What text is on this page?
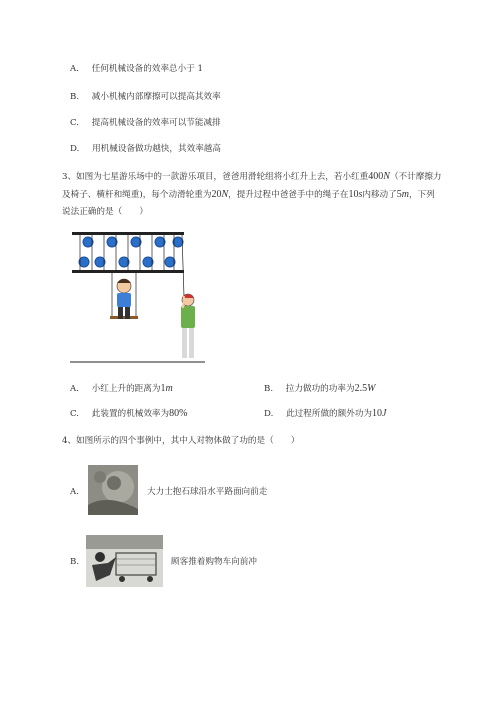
A. 任何机械设备的效率总小于 1
B. 减小机械内部摩擦可以提高其效率
C. 提高机械设备的效率可以节能减排
D. 用机械设备做功越快，其效率越高

3、如图为七星游乐场中的一款游乐项目，爸爸用滑轮组将小红升上去，若小红重400N（不计摩擦力

及椅子、横杆和绳重)，每个动滑轮重为20N，提升过程中爸爸手中的绳子在10s内移动了5m，下列

说法正确的是（　　）

A. 小红上升的距离为1m	B. 拉力做功的功率为2.5W
C. 此装置的机械效率为80%	D. 此过程所做的额外功为10J
4、如图所示的四个事例中，其中人对物体做了功的是（　　）
A.	大力士抱石球沿水平路面向前走
B.	顾客推着购物车向前冲
